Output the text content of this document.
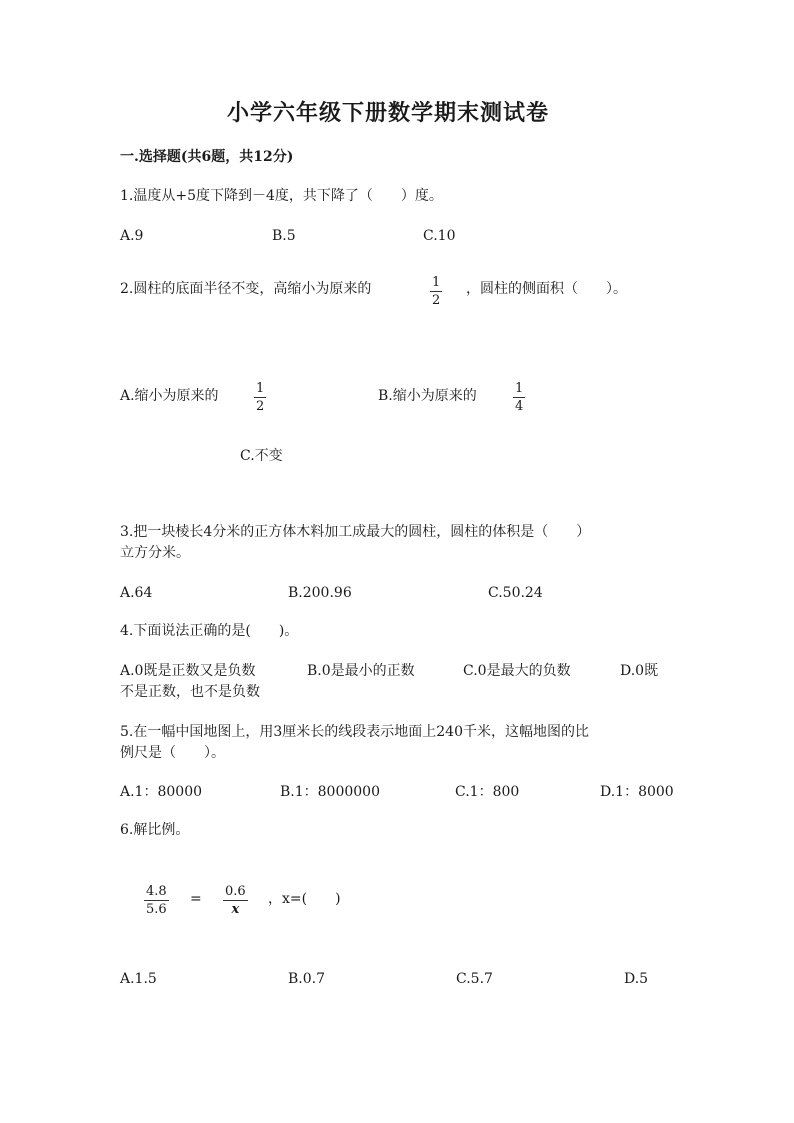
小学六年级下册数学期末测试卷
一.选择题(共6题，共12分)
1.温度从+5度下降到－4度，共下降了（　　）度。
A.9	B.5	C.10
2.圆柱的底面半径不变，高缩小为原来的	1
2
，圆柱的侧面积（　　）。
A.缩小为原来的	1
2
B.缩小为原来的	1
4
C.不变
3.把一块棱长4分米的正方体木料加工成最大的圆柱，圆柱的体积是（　　）
立方分米。
A.64	B.200.96	C.50.24
4.下面说法正确的是(　　)。
A.0既是正数又是负数	B.0是最小的正数	C.0是最大的负数	D.0既
不是正数，也不是负数
5.在一幅中国地图上，用3厘米长的线段表示地面上240千米，这幅地图的比
例尺是（　　）。
A.1：80000	B.1：8000000	C.1：800	D.1：8000
6.解比例。
4.8
5.6
= 0.6
x
，x=(　　)
A.1.5	B.0.7	C.5.7	D.5
